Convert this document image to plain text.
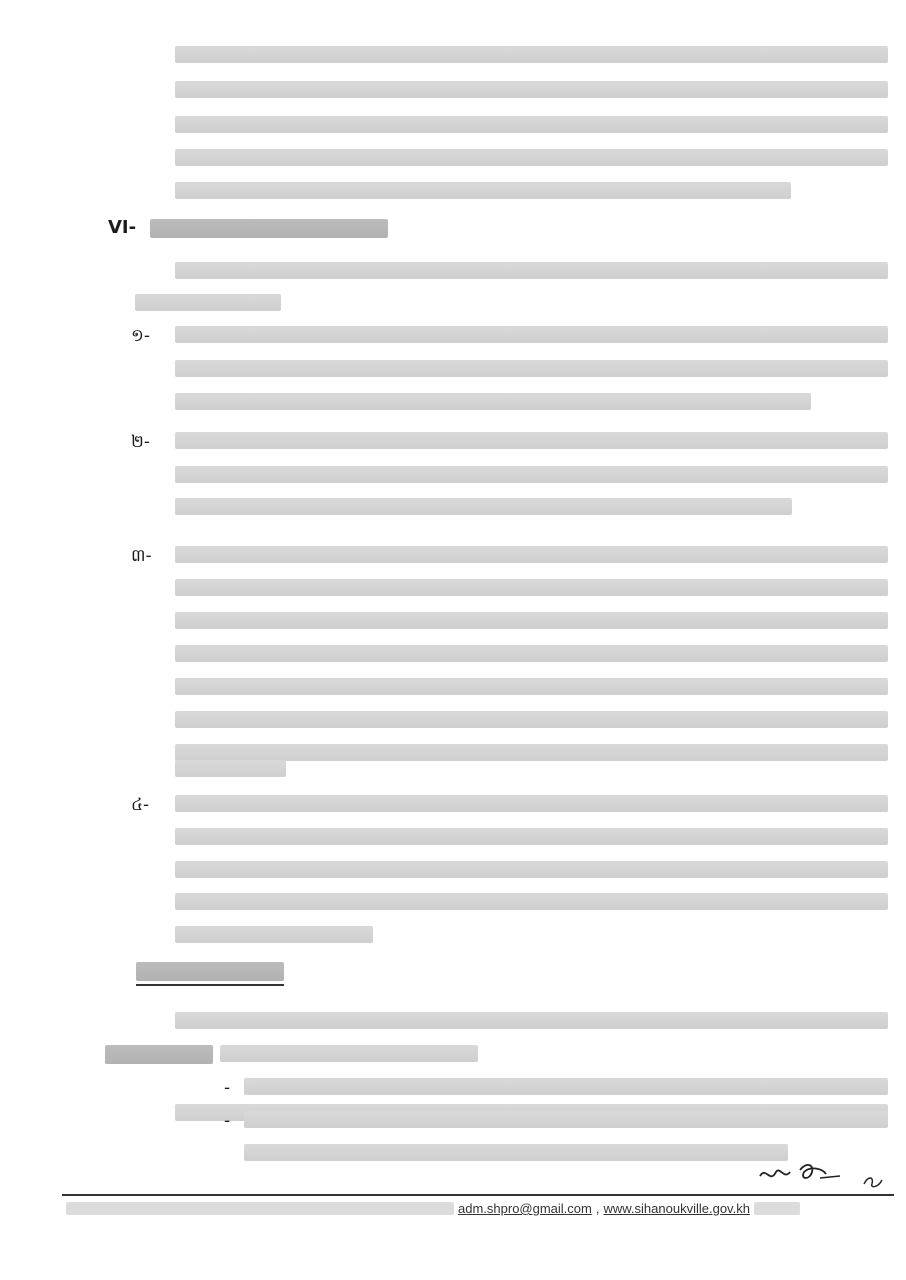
VI-
១-
២-
៣-
៤-
adm.shpro@gmail.com , www.sihanoukville.gov.kh
-
-
